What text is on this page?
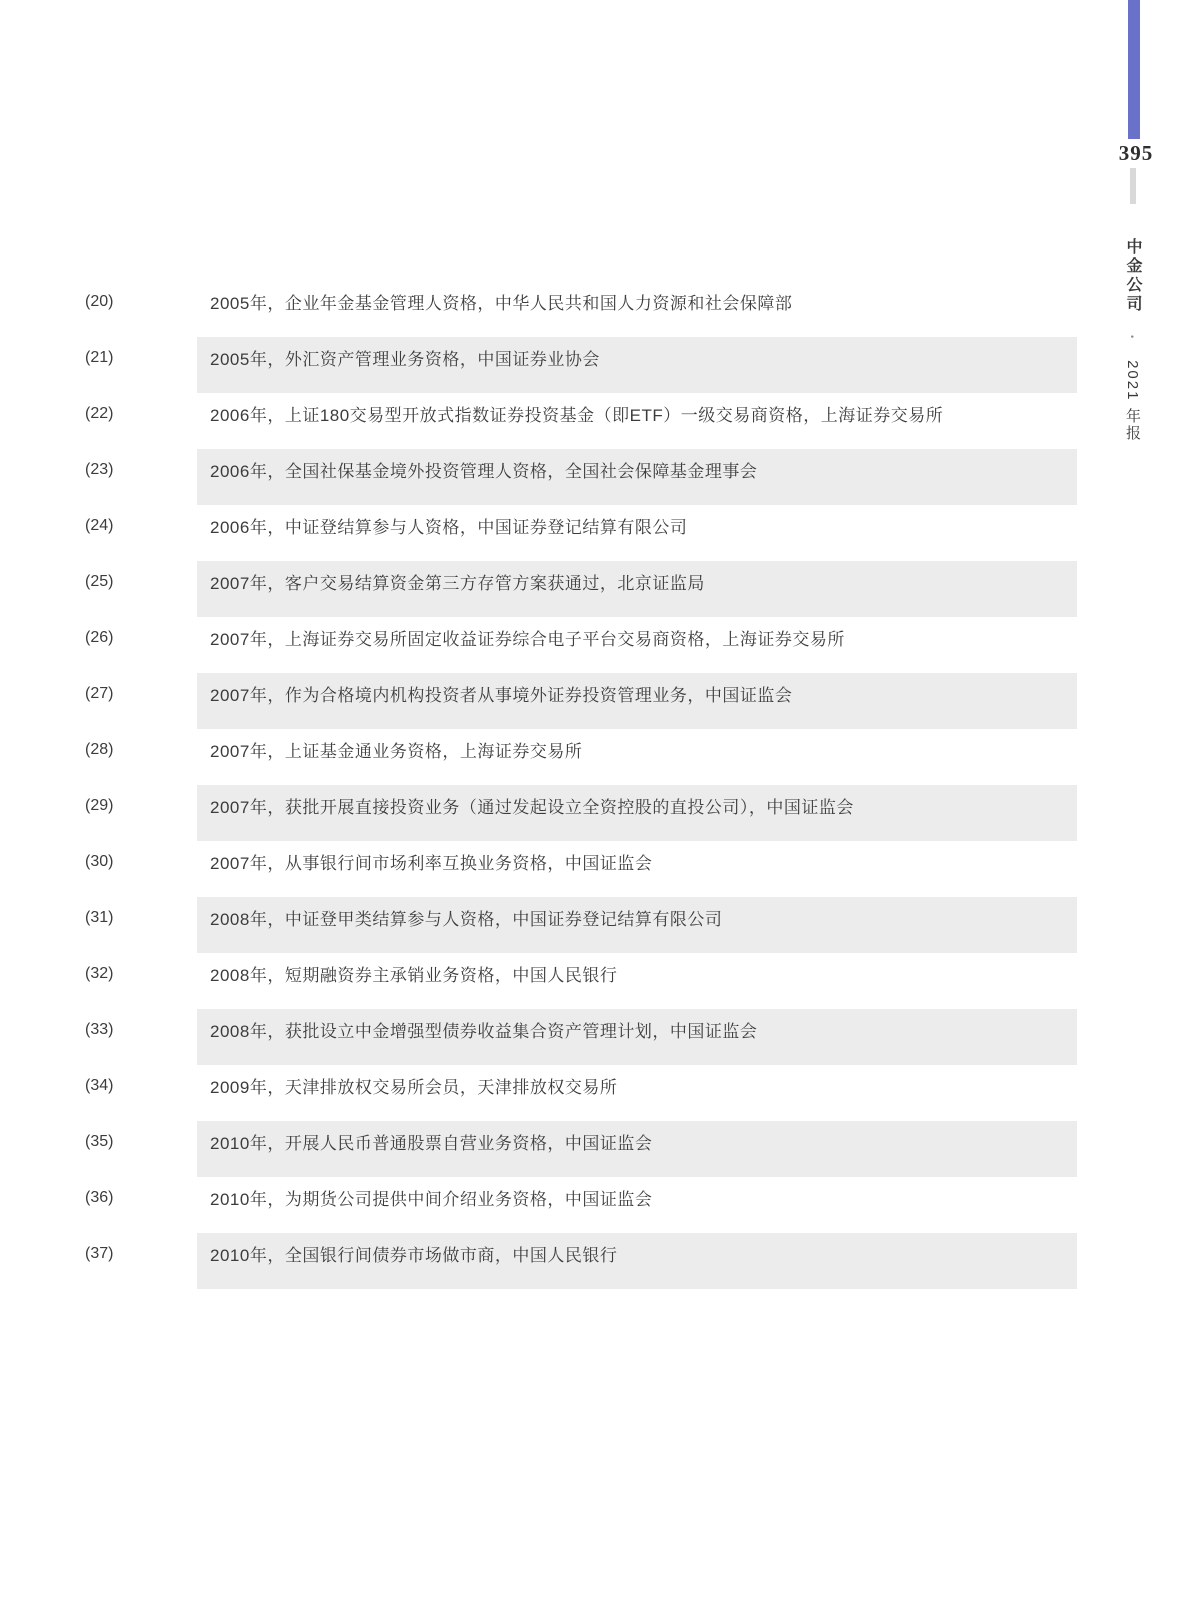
(20)	2005年，企业年金基金管理人资格，中华人民共和国人力资源和社会保障部
(21)	2005年，外汇资产管理业务资格，中国证券业协会
(22)	2006年，上证180交易型开放式指数证券投资基金（即ETF）一级交易商资格，上海证券交易所
(23)	2006年，全国社保基金境外投资管理人资格，全国社会保障基金理事会
(24)	2006年，中证登结算参与人资格，中国证券登记结算有限公司
(25)	2007年，客户交易结算资金第三方存管方案获通过，北京证监局
(26)	2007年，上海证券交易所固定收益证券综合电子平台交易商资格，上海证券交易所
(27)	2007年，作为合格境内机构投资者从事境外证券投资管理业务，中国证监会
(28)	2007年，上证基金通业务资格，上海证券交易所
(29)	2007年，获批开展直接投资业务（通过发起设立全资控股的直投公司），中国证监会
(30)	2007年，从事银行间市场利率互换业务资格，中国证监会
(31)	2008年，中证登甲类结算参与人资格，中国证券登记结算有限公司
(32)	2008年，短期融资券主承销业务资格，中国人民银行
(33)	2008年，获批设立中金增强型债券收益集合资产管理计划，中国证监会
(34)	2009年，天津排放权交易所会员，天津排放权交易所
(35)	2010年，开展人民币普通股票自营业务资格，中国证监会
(36)	2010年，为期货公司提供中间介绍业务资格，中国证监会
(37)	2010年，全国银行间债券市场做市商，中国人民银行
395
中金公司 • 2021 年报
